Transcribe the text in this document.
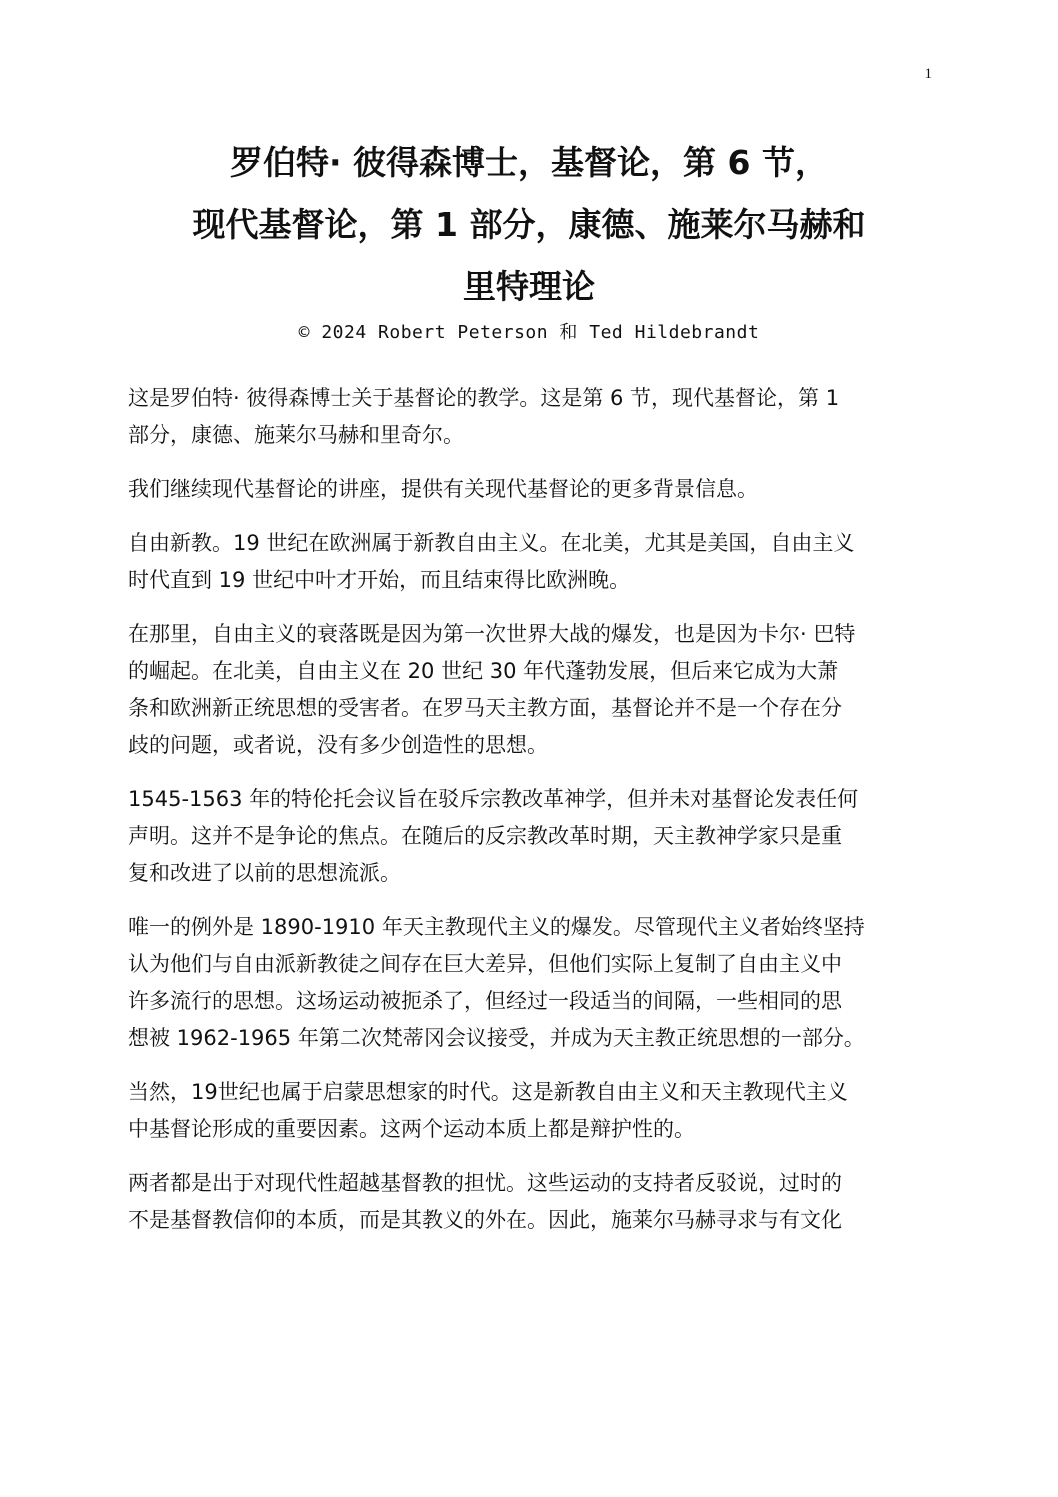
1
罗伯特· 彼得森博士，基督论，第 6 节，
现代基督论，第 1 部分，康德、施莱尔马赫和
里特理论
© 2024 Robert Peterson 和 Ted Hildebrandt
这是罗伯特· 彼得森博士关于基督论的教学。这是第 6 节，现代基督论，第 1
部分，康德、施莱尔马赫和里奇尔。
我们继续现代基督论的讲座，提供有关现代基督论的更多背景信息。
自由新教。19 世纪在欧洲属于新教自由主义。在北美，尤其是美国，自由主义
时代直到 19 世纪中叶才开始，而且结束得比欧洲晚。
在那里，自由主义的衰落既是因为第一次世界大战的爆发，也是因为卡尔· 巴特
的崛起。在北美，自由主义在 20 世纪 30 年代蓬勃发展，但后来它成为大萧
条和欧洲新正统思想的受害者。在罗马天主教方面，基督论并不是一个存在分
歧的问题，或者说，没有多少创造性的思想。
1545-1563 年的特伦托会议旨在驳斥宗教改革神学，但并未对基督论发表任何
声明。这并不是争论的焦点。在随后的反宗教改革时期，天主教神学家只是重
复和改进了以前的思想流派。
唯一的例外是 1890-1910 年天主教现代主义的爆发。尽管现代主义者始终坚持
认为他们与自由派新教徒之间存在巨大差异，但他们实际上复制了自由主义中
许多流行的思想。这场运动被扼杀了，但经过一段适当的间隔，一些相同的思
想被 1962-1965 年第二次梵蒂冈会议接受，并成为天主教正统思想的一部分。
当然，19世纪也属于启蒙思想家的时代。这是新教自由主义和天主教现代主义
中基督论形成的重要因素。这两个运动本质上都是辩护性的。
两者都是出于对现代性超越基督教的担忧。这些运动的支持者反驳说，过时的
不是基督教信仰的本质，而是其教义的外在。因此，施莱尔马赫寻求与有文化
